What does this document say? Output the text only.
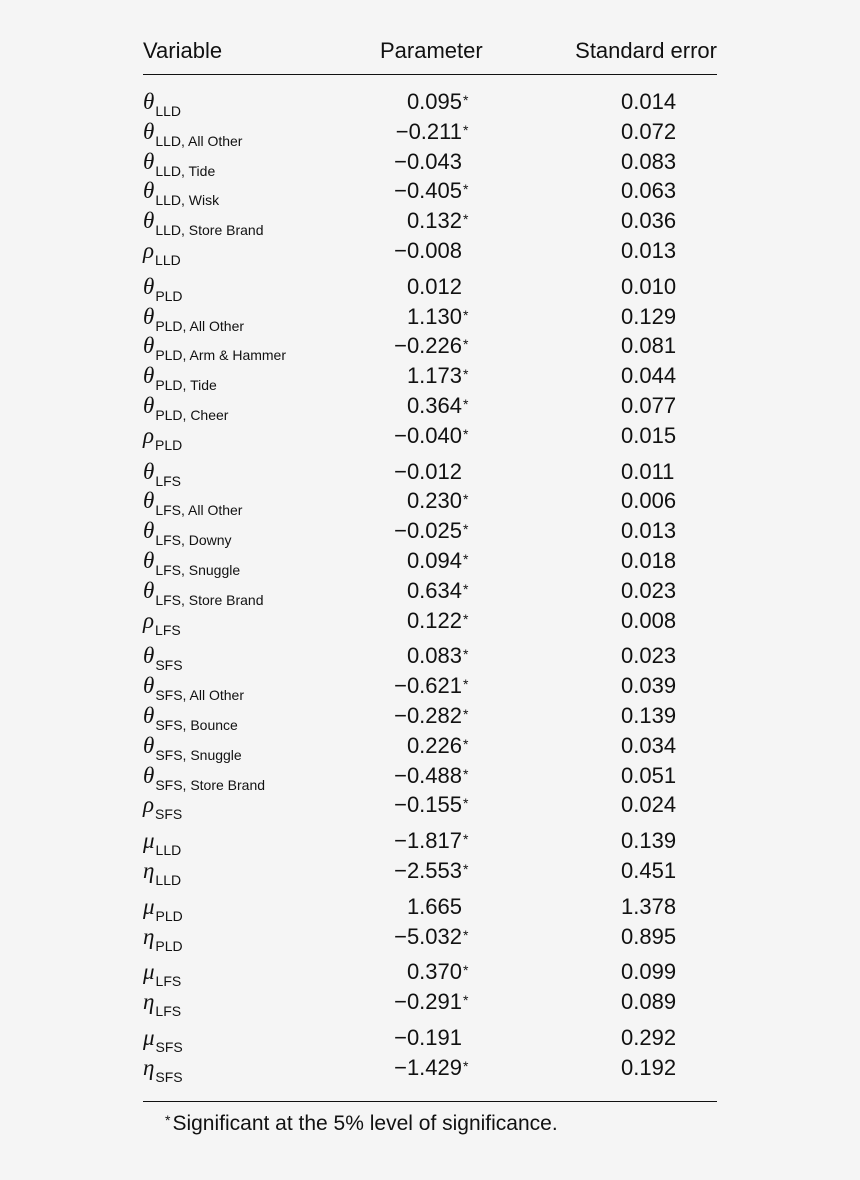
Variable	Parameter	Standard error
$\theta_{LLD}$	0.095*	0.014
$\theta_{LLD, All Other}$	−0.211*	0.072
$\theta_{LLD, Tide}$	−0.043	0.083
$\theta_{LLD, Wisk}$	−0.405*	0.063
$\theta_{LLD, Store Brand}$	0.132*	0.036
$\rho_{LLD}$	−0.008	0.013
$\theta_{PLD}$	0.012	0.010
$\theta_{PLD, All Other}$	1.130*	0.129
$\theta_{PLD, Arm \& Hammer}$	−0.226*	0.081
$\theta_{PLD, Tide}$	1.173*	0.044
$\theta_{PLD, Cheer}$	0.364*	0.077
$\rho_{PLD}$	−0.040*	0.015
$\theta_{LFS}$	−0.012	0.011
$\theta_{LFS, All Other}$	0.230*	0.006
$\theta_{LFS, Downy}$	−0.025*	0.013
$\theta_{LFS, Snuggle}$	0.094*	0.018
$\theta_{LFS, Store Brand}$	0.634*	0.023
$\rho_{LFS}$	0.122*	0.008
$\theta_{SFS}$	0.083*	0.023
$\theta_{SFS, All Other}$	−0.621*	0.039
$\theta_{SFS, Bounce}$	−0.282*	0.139
$\theta_{SFS, Snuggle}$	0.226*	0.034
$\theta_{SFS, Store Brand}$	−0.488*	0.051
$\rho_{SFS}$	−0.155*	0.024
$\mu_{LLD}$	−1.817*	0.139
$\eta_{LLD}$	−2.553*	0.451
$\mu_{PLD}$	1.665	1.378
$\eta_{PLD}$	−5.032*	0.895
$\mu_{LFS}$	0.370*	0.099
$\eta_{LFS}$	−0.291*	0.089
$\mu_{SFS}$	−0.191	0.292
$\eta_{SFS}$	−1.429*	0.192
*Significant at the 5% level of significance.
